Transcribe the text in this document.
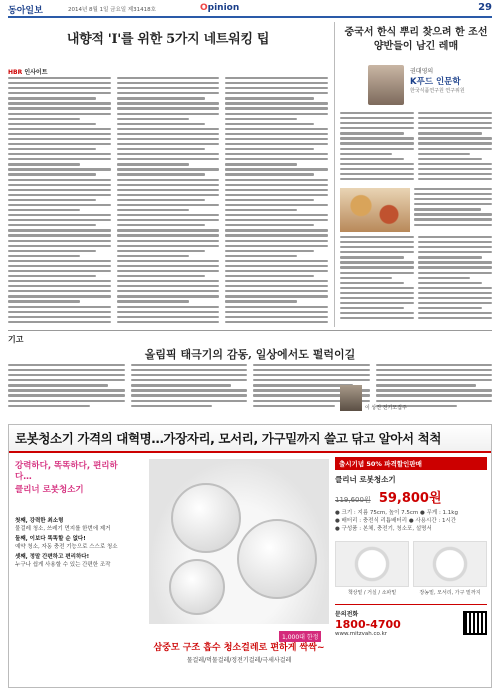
동아일보	2014년 8월 1일 금요일 제31418호	Opinion	29
내향적 'I'를 위한 5가지 네트워킹 팁
HBR 인사이트
중국서 한식 뿌리 찾으려 한 조선 양반들이 남긴 레매
권대영의
K푸드 인문학
한국식품연구원 연구위원
기고
올림픽 태극기의 감동, 일상에서도 펄럭이길
이 상진 전기모집주
로봇청소기 가격의 대혁명…가장자리, 모서리, 가구밑까지 쓸고 닦고 알아서 척척
강력하다, 똑똑하다, 편리하다…
클리너 로봇청소기
첫째, 강력한 최소형
물걸레 청소, 쓰레기 먼지를 한번에 제거
둘째, 이보다 똑똑할 순 없다!
예약 청소, 자동 충전 기능으로 스스로 청소
셋째, 정말 간편하고 편리하다!
누구나 쉽게 사용할 수 있는 간편한 조작
1,000대 한정
삼중모 구조 흡수 청소걸레로 편하게 싹싹~
물걸레/먹물걸레/정전기걸레/극세사걸레
출시기념 50% 파격할인판매
클리너 로봇청소기
119,600원 59,800원
● 크기 : 지름 75cm, 높이 7.5cm ● 무게 : 1.1kg
● 배터리 : 충전식 리튬배터리 ● 사용시간 : 1시간
● 구성품 : 본체, 충전기, 청소포, 설명서
책상밑 / 거실 / 소파밑	장농밑, 모서리, 가구 밑까지
문의전화
1800-4700
www.mitzvah.co.kr
